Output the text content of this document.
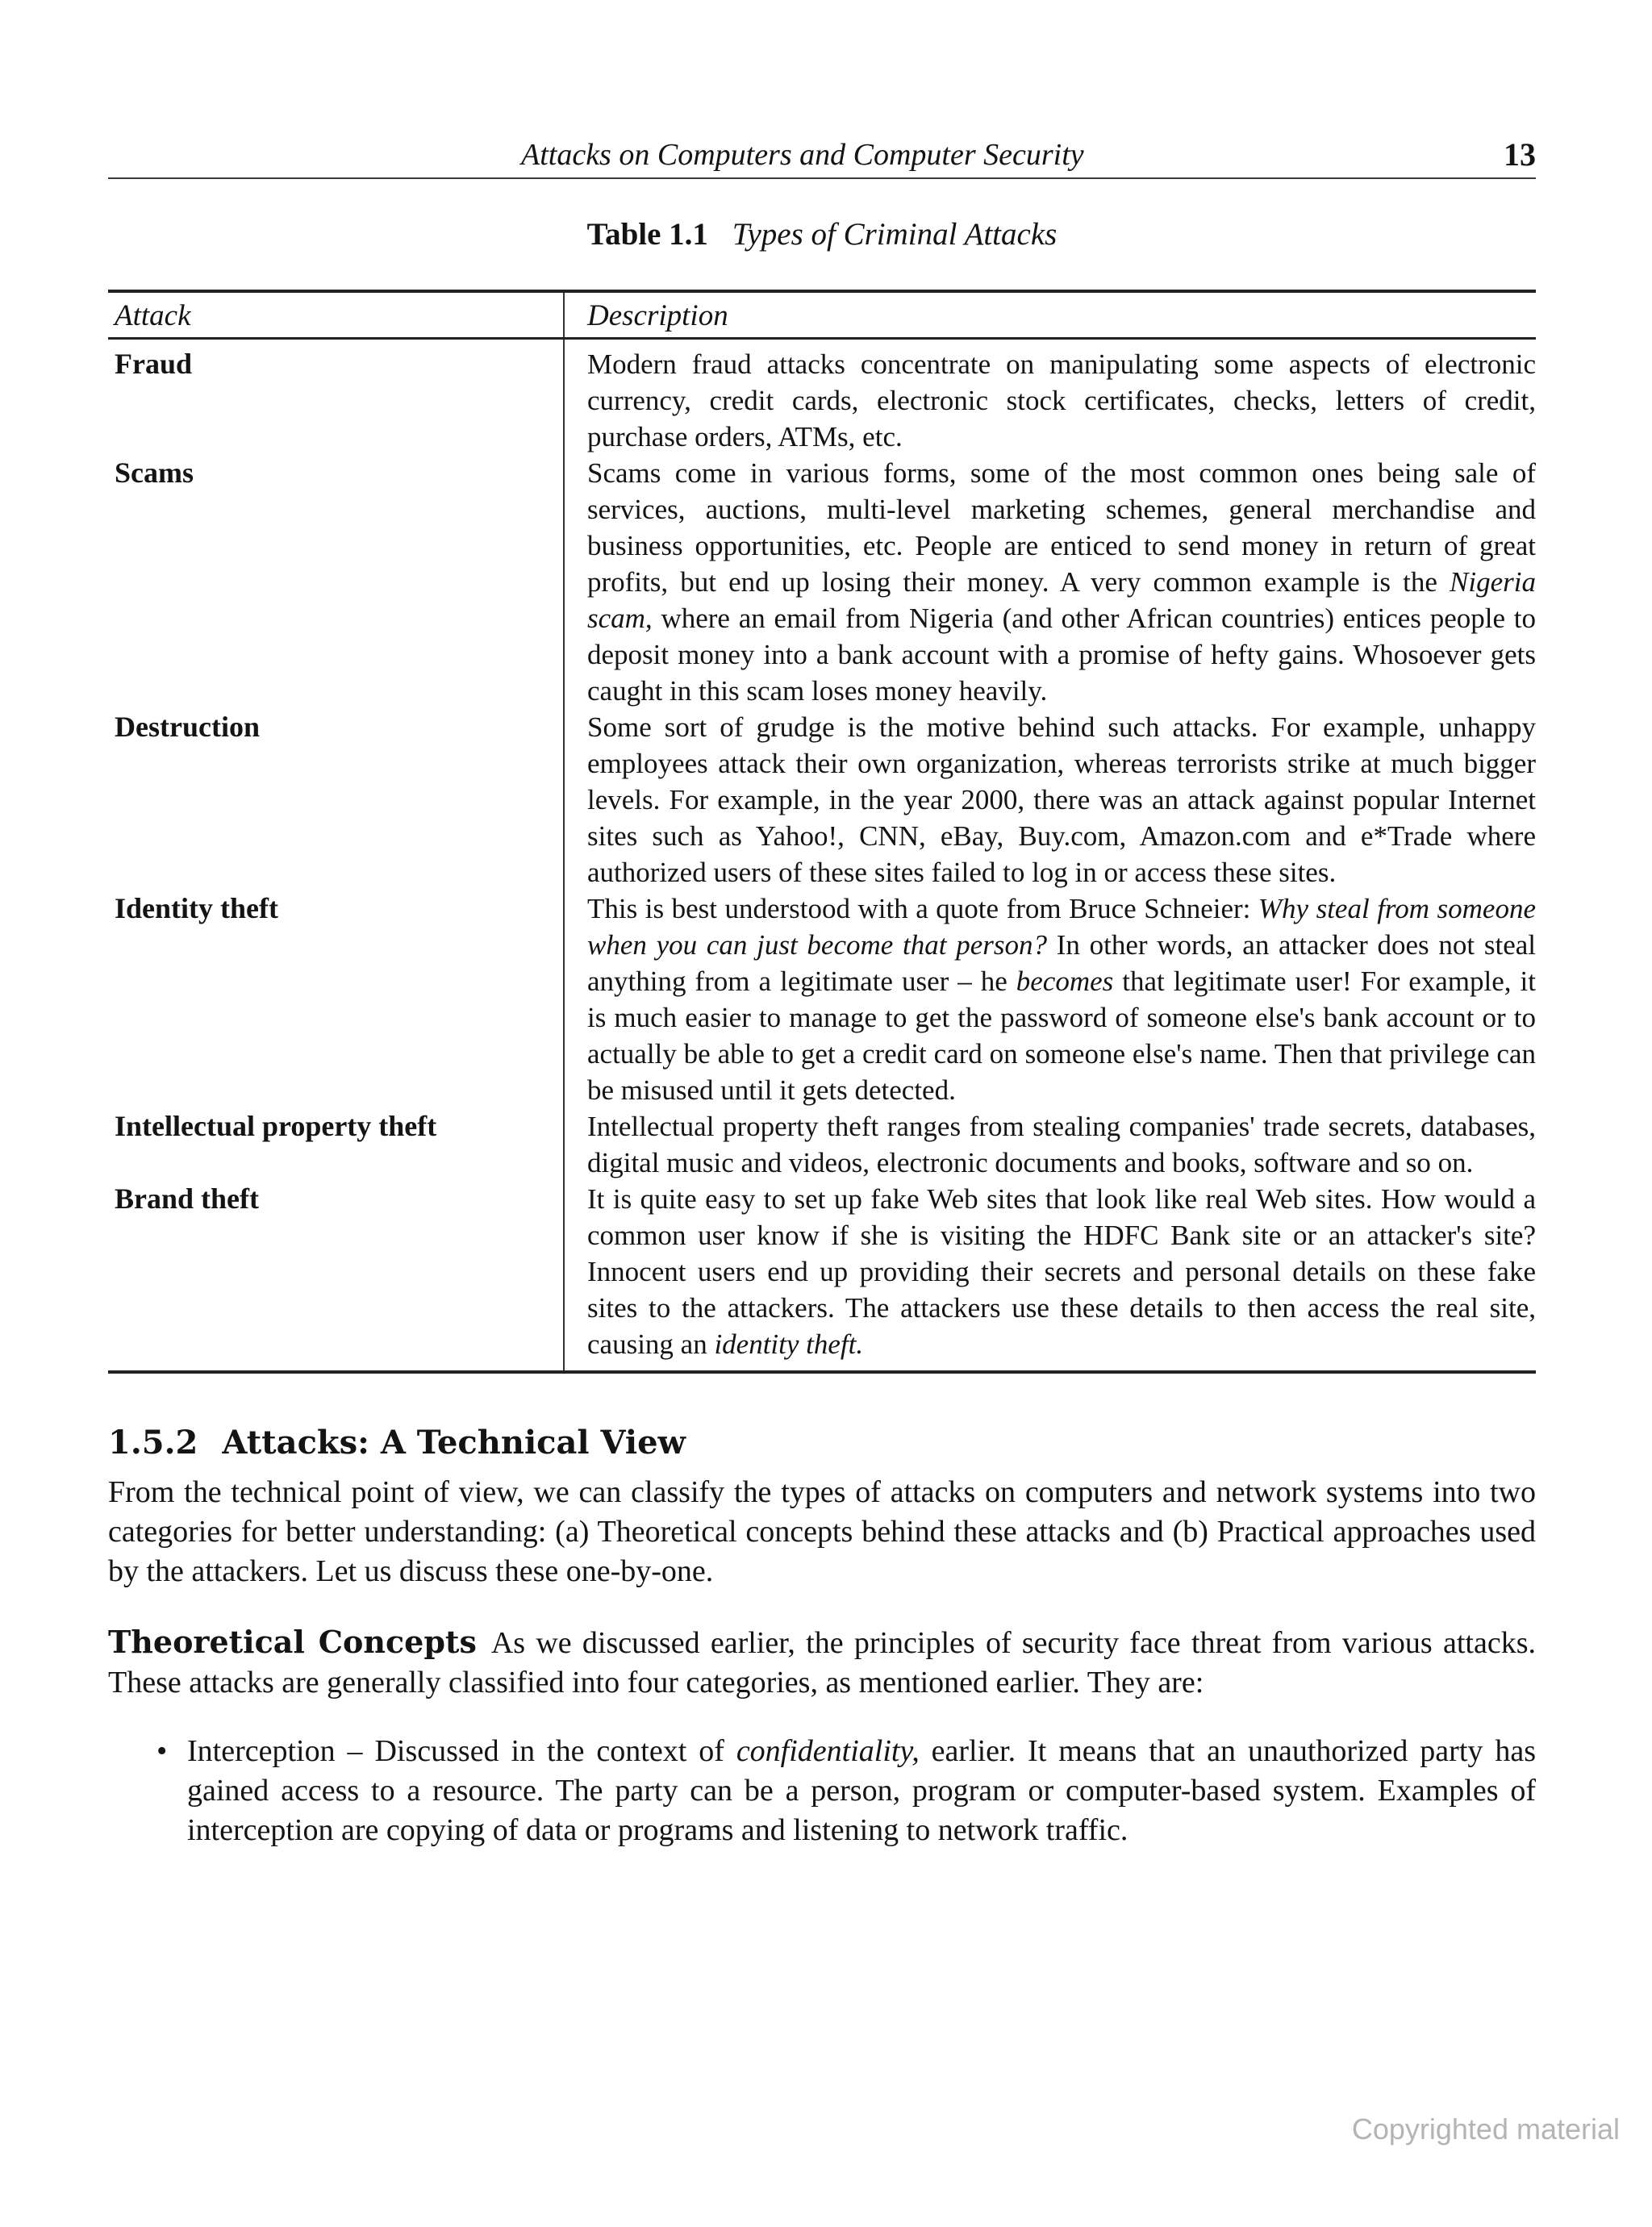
Attacks on Computers and Computer Security	13
Table 1.1 Types of Criminal Attacks
Attack	Description
Fraud	Modern fraud attacks concentrate on manipulating some aspects of electronic currency, credit cards, electronic stock certificates, checks, letters of credit, purchase orders, ATMs, etc.
Scams	Scams come in various forms, some of the most common ones being sale of services, auctions, multi-level marketing schemes, general merchandise and business opportunities, etc. People are enticed to send money in return of great profits, but end up losing their money. A very common example is the Nigeria scam, where an email from Nigeria (and other African countries) entices people to deposit money into a bank account with a promise of hefty gains. Whosoever gets caught in this scam loses money heavily.
Destruction	Some sort of grudge is the motive behind such attacks. For example, unhappy employees attack their own organization, whereas terrorists strike at much bigger levels. For example, in the year 2000, there was an attack against popular Internet sites such as Yahoo!, CNN, eBay, Buy.com, Amazon.com and e*Trade where authorized users of these sites failed to log in or access these sites.
Identity theft	This is best understood with a quote from Bruce Schneier: Why steal from someone when you can just become that person? In other words, an attacker does not steal anything from a legitimate user – he becomes that legitimate user! For example, it is much easier to manage to get the password of someone else's bank account or to actually be able to get a credit card on someone else's name. Then that privilege can be misused until it gets detected.
Intellectual property theft	Intellectual property theft ranges from stealing companies' trade secrets, databases, digital music and videos, electronic documents and books, software and so on.
Brand theft	It is quite easy to set up fake Web sites that look like real Web sites. How would a common user know if she is visiting the HDFC Bank site or an attacker's site? Innocent users end up providing their secrets and personal details on these fake sites to the attackers. The attackers use these details to then access the real site, causing an identity theft.
1.5.2 Attacks: A Technical View

From the technical point of view, we can classify the types of attacks on computers and network systems into two categories for better understanding: (a) Theoretical concepts behind these attacks and (b) Practical approaches used by the attackers. Let us discuss these one-by-one.

Theoretical Concepts As we discussed earlier, the principles of security face threat from various attacks. These attacks are generally classified into four categories, as mentioned earlier. They are:

• Interception – Discussed in the context of confidentiality, earlier. It means that an unauthorized party has gained access to a resource. The party can be a person, program or computer-based system. Examples of interception are copying of data or programs and listening to network traffic.
Copyrighted material
